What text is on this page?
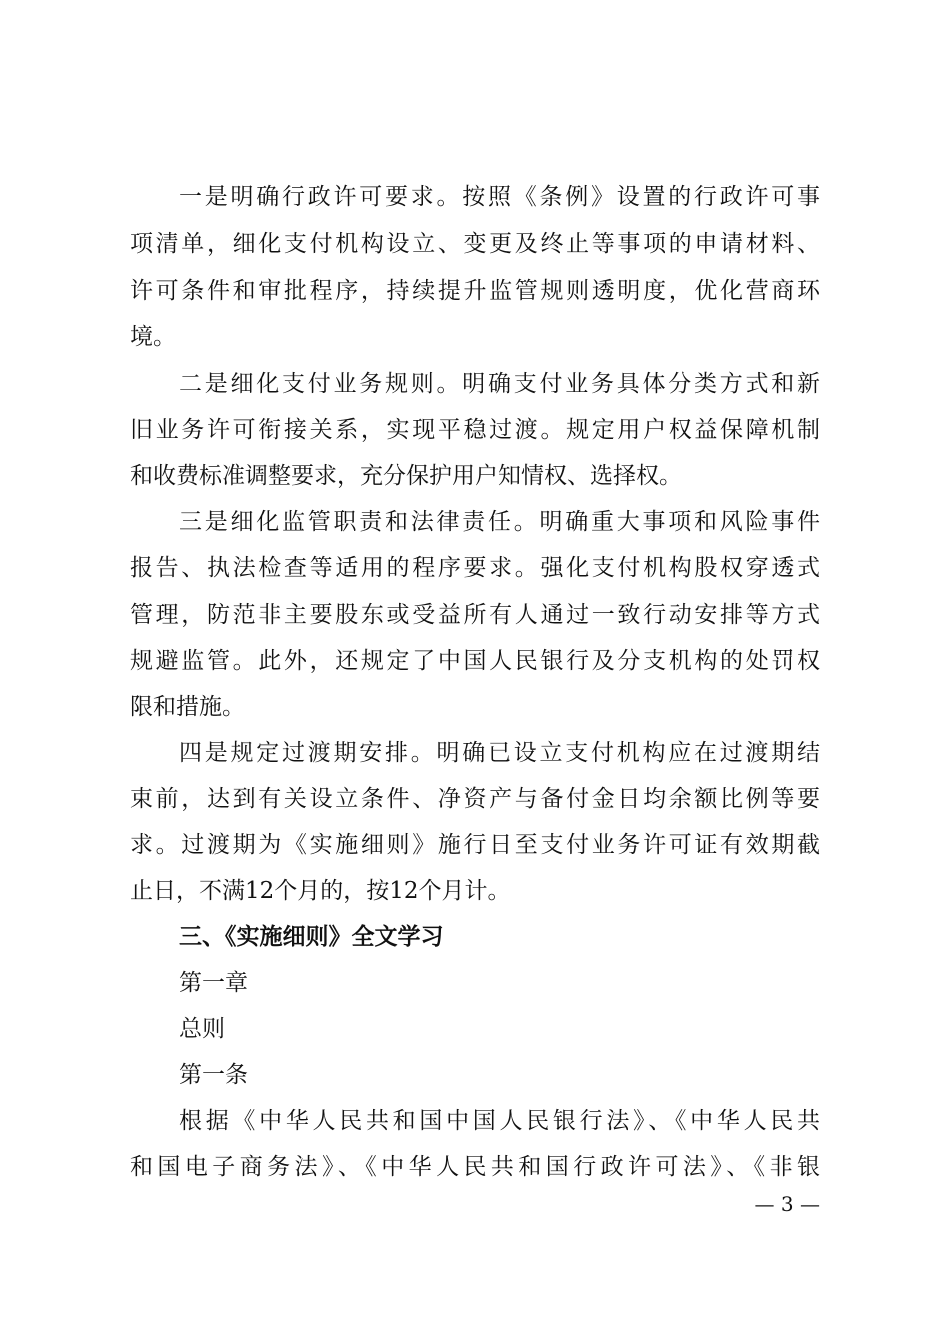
一是明确行政许可要求。按照《条例》设置的行政许可事
项清单，细化支付机构设立、变更及终止等事项的申请材料、
许可条件和审批程序，持续提升监管规则透明度，优化营商环
境。
二是细化支付业务规则。明确支付业务具体分类方式和新
旧业务许可衔接关系，实现平稳过渡。规定用户权益保障机制
和收费标准调整要求，充分保护用户知情权、选择权。
三是细化监管职责和法律责任。明确重大事项和风险事件
报告、执法检查等适用的程序要求。强化支付机构股权穿透式
管理，防范非主要股东或受益所有人通过一致行动安排等方式
规避监管。此外，还规定了中国人民银行及分支机构的处罚权
限和措施。
四是规定过渡期安排。明确已设立支付机构应在过渡期结
束前，达到有关设立条件、净资产与备付金日均余额比例等要
求。过渡期为《实施细则》施行日至支付业务许可证有效期截
止日，不满12个月的，按12个月计。
三、《实施细则》全文学习
第一章
总则
第一条
根据《中华人民共和国中国人民银行法》、《中华人民共
和国电子商务法》、《中华人民共和国行政许可法》、《非银
— 3 —
